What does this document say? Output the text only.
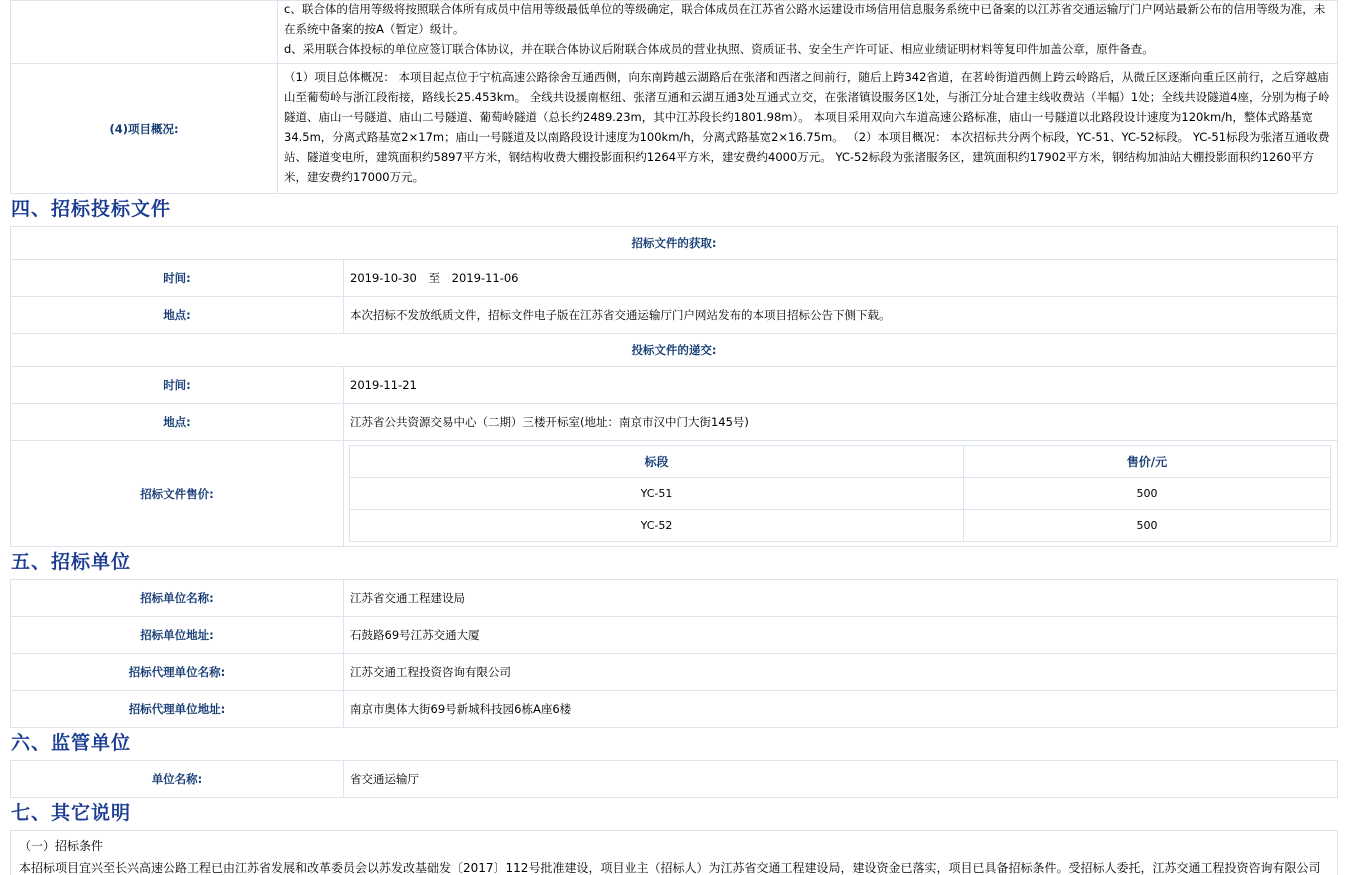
	c、联合体的信用等级将按照联合体所有成员中信用等级最低单位的等级确定，联合体成员在江苏省公路水运建设市场信用信息服务系统中已备案的以江苏省交通运输厅门户网站最新公布的信用等级为准，未在系统中备案的按A（暂定）级计。
d、采用联合体投标的单位应签订联合体协议，并在联合体协议后附联合体成员的营业执照、资质证书、安全生产许可证、相应业绩证明材料等复印件加盖公章，原件备查。

(4)项目概况:	（1）项目总体概况： 本项目起点位于宁杭高速公路徐舍互通西侧，向东南跨越云湖路后在张渚和西渚之间前行，随后上跨342省道，在茗岭街道西侧上跨云岭路后，从微丘区逐渐向重丘区前行，之后穿越庙山至葡萄岭与浙江段衔接，路线长25.453km。 全线共设援南枢纽、张渚互通和云湖互通3处互通式立交，在张渚镇设服务区1处，与浙江分址合建主线收费站（半幅）1处；全线共设隧道4座，分别为梅子岭隧道、庙山一号隧道、庙山二号隧道、葡萄岭隧道（总长约2489.23m，其中江苏段长约1801.98m）。 本项目采用双向六车道高速公路标准，庙山一号隧道以北路段设计速度为120km/h，整体式路基宽34.5m，分离式路基宽2×17m；庙山一号隧道及以南路段设计速度为100km/h，分离式路基宽2×16.75m。 （2）本项目概况： 本次招标共分两个标段，YC-51、YC-52标段。 YC-51标段为张渚互通收费站、隧道变电所，建筑面积约5897平方米，钢结构收费大棚投影面积约1264平方米，建安费约4000万元。 YC-52标段为张渚服务区，建筑面积约17902平方米，钢结构加油站大棚投影面积约1260平方米，建安费约17000万元。
四、招标投标文件
招标文件的获取:
时间:	2019-10-30 至 2019-11-06
地点:	本次招标不发放纸质文件，招标文件电子版在江苏省交通运输厅门户网站发布的本项目招标公告下侧下载。
投标文件的递交:
时间:	2019-11-21
地点:	江苏省公共资源交易中心（二期）三楼开标室(地址：南京市汉中门大街145号)
招标文件售价:	
标段	售价/元
YC-51	500
YC-52	500
五、招标单位
招标单位名称:	江苏省交通工程建设局
招标单位地址:	石鼓路69号江苏交通大厦
招标代理单位名称:	江苏交通工程投资咨询有限公司
招标代理单位地址:	南京市奥体大街69号新城科技园6栋A座6楼
六、监管单位
单位名称:	省交通运输厅
七、其它说明
（一）招标条件
本招标项目宜兴至长兴高速公路工程已由江苏省发展和改革委员会以苏发改基础发〔2017〕112号批准建设，项目业主（招标人）为江苏省交通工程建设局，建设资金已落实，项目已具备招标条件。受招标人委托，江苏交通工程投资咨询有限公司
